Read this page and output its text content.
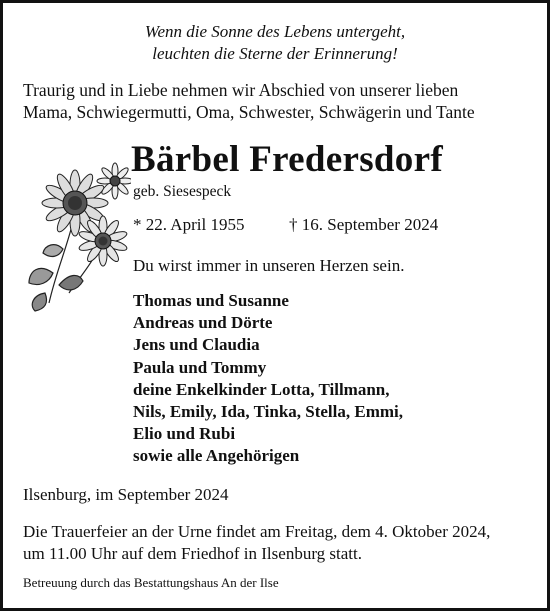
Wenn die Sonne des Lebens untergeht,
leuchten die Sterne der Erinnerung!
Traurig und in Liebe nehmen wir Abschied von unserer lieben
Mama, Schwiegermutti, Oma, Schwester, Schwägerin und Tante
Bärbel Fredersdorf
geb. Siesespeck
* 22. April 1955	† 16. September 2024
Du wirst immer in unseren Herzen sein.
Thomas und Susanne
Andreas und Dörte
Jens und Claudia
Paula und Tommy
deine Enkelkinder Lotta, Tillmann,
Nils, Emily, Ida, Tinka, Stella, Emmi,
Elio und Rubi
sowie alle Angehörigen
Ilsenburg, im September 2024
Die Trauerfeier an der Urne findet am Freitag, dem 4. Oktober 2024,
um 11.00 Uhr auf dem Friedhof in Ilsenburg statt.
Betreuung durch das Bestattungshaus An der Ilse
